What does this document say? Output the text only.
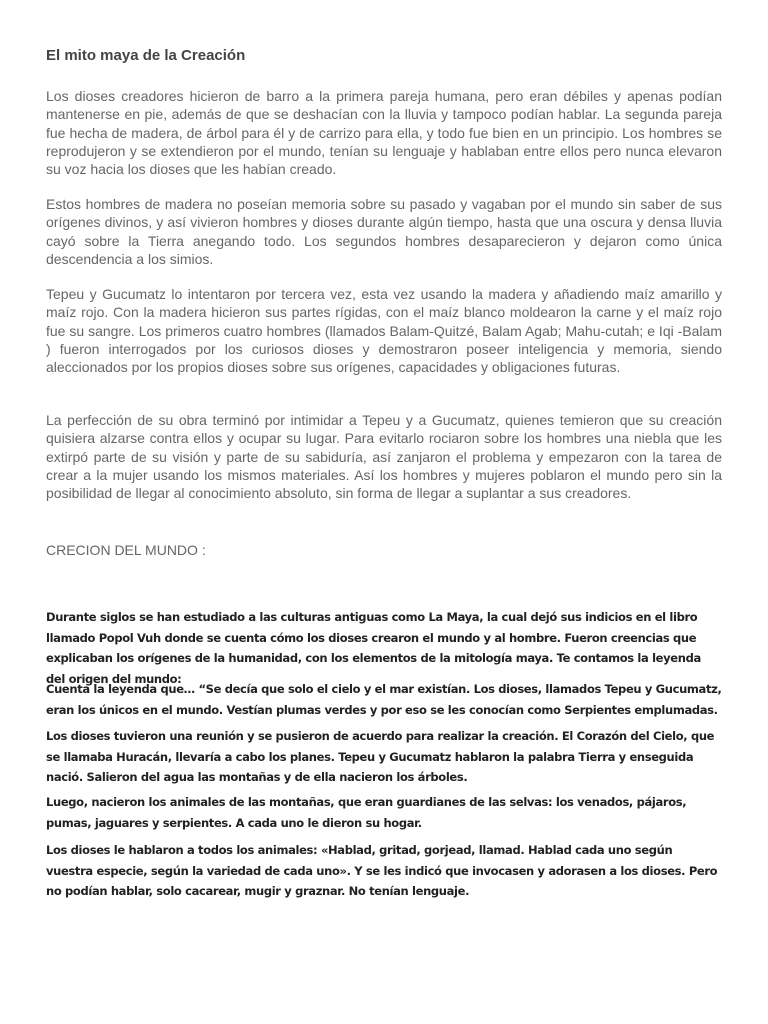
El mito maya de la Creación

Los dioses creadores hicieron de barro a la primera pareja humana, pero eran débiles y apenas podían mantenerse en pie, además de que se deshacían con la lluvia y tampoco podían hablar. La segunda pareja fue hecha de madera, de árbol para él y de carrizo para ella, y todo fue bien en un principio. Los hombres se reprodujeron y se extendieron por el mundo, tenían su lenguaje y hablaban entre ellos pero nunca elevaron su voz hacia los dioses que les habían creado.

Estos hombres de madera no poseían memoria sobre su pasado y vagaban por el mundo sin saber de sus orígenes divinos, y así vivieron hombres y dioses durante algún tiempo, hasta que una oscura y densa lluvia cayó sobre la Tierra anegando todo. Los segundos hombres desaparecieron y dejaron como única descendencia a los simios.

Tepeu y Gucumatz lo intentaron por tercera vez, esta vez usando la madera y añadiendo maíz amarillo y maíz rojo. Con la madera hicieron sus partes rígidas, con el maíz blanco moldearon la carne y el maíz rojo fue su sangre. Los primeros cuatro hombres (llamados Balam-Quitzé, Balam Agab; Mahu-cutah; e Iqi -Balam ) fueron interrogados por los curiosos dioses y demostraron poseer inteligencia y memoria, siendo aleccionados por los propios dioses sobre sus orígenes, capacidades y obligaciones futuras.

La perfección de su obra terminó por intimidar a Tepeu y a Gucumatz, quienes temieron que su creación quisiera alzarse contra ellos y ocupar su lugar. Para evitarlo rociaron sobre los hombres una niebla que les extirpó parte de su visión y parte de su sabiduría, así zanjaron el problema y empezaron con la tarea de crear a la mujer usando los mismos materiales. Así los hombres y mujeres poblaron el mundo pero sin la posibilidad de llegar al conocimiento absoluto, sin forma de llegar a suplantar a sus creadores.

CRECION DEL MUNDO :

Durante siglos se han estudiado a las culturas antiguas como La Maya, la cual dejó sus indicios en el libro llamado Popol Vuh donde se cuenta cómo los dioses crearon el mundo y al hombre. Fueron creencias que explicaban los orígenes de la humanidad, con los elementos de la mitología maya. Te contamos la leyenda del origen del mundo:

Cuenta la leyenda que… “Se decía que solo el cielo y el mar existían. Los dioses, llamados Tepeu y Gucumatz, eran los únicos en el mundo. Vestían plumas verdes y por eso se les conocían como Serpientes emplumadas.

Los dioses tuvieron una reunión y se pusieron de acuerdo para realizar la creación. El Corazón del Cielo, que se llamaba Huracán, llevaría a cabo los planes. Tepeu y Gucumatz hablaron la palabra Tierra y enseguida nació. Salieron del agua las montañas y de ella nacieron los árboles.

Luego, nacieron los animales de las montañas, que eran guardianes de las selvas: los venados, pájaros, pumas, jaguares y serpientes. A cada uno le dieron su hogar.

Los dioses le hablaron a todos los animales: «Hablad, gritad, gorjead, llamad. Hablad cada uno según vuestra especie, según la variedad de cada uno». Y se les indicó que invocasen y adorasen a los dioses. Pero no podían hablar, solo cacarear, mugir y graznar. No tenían lenguaje.
